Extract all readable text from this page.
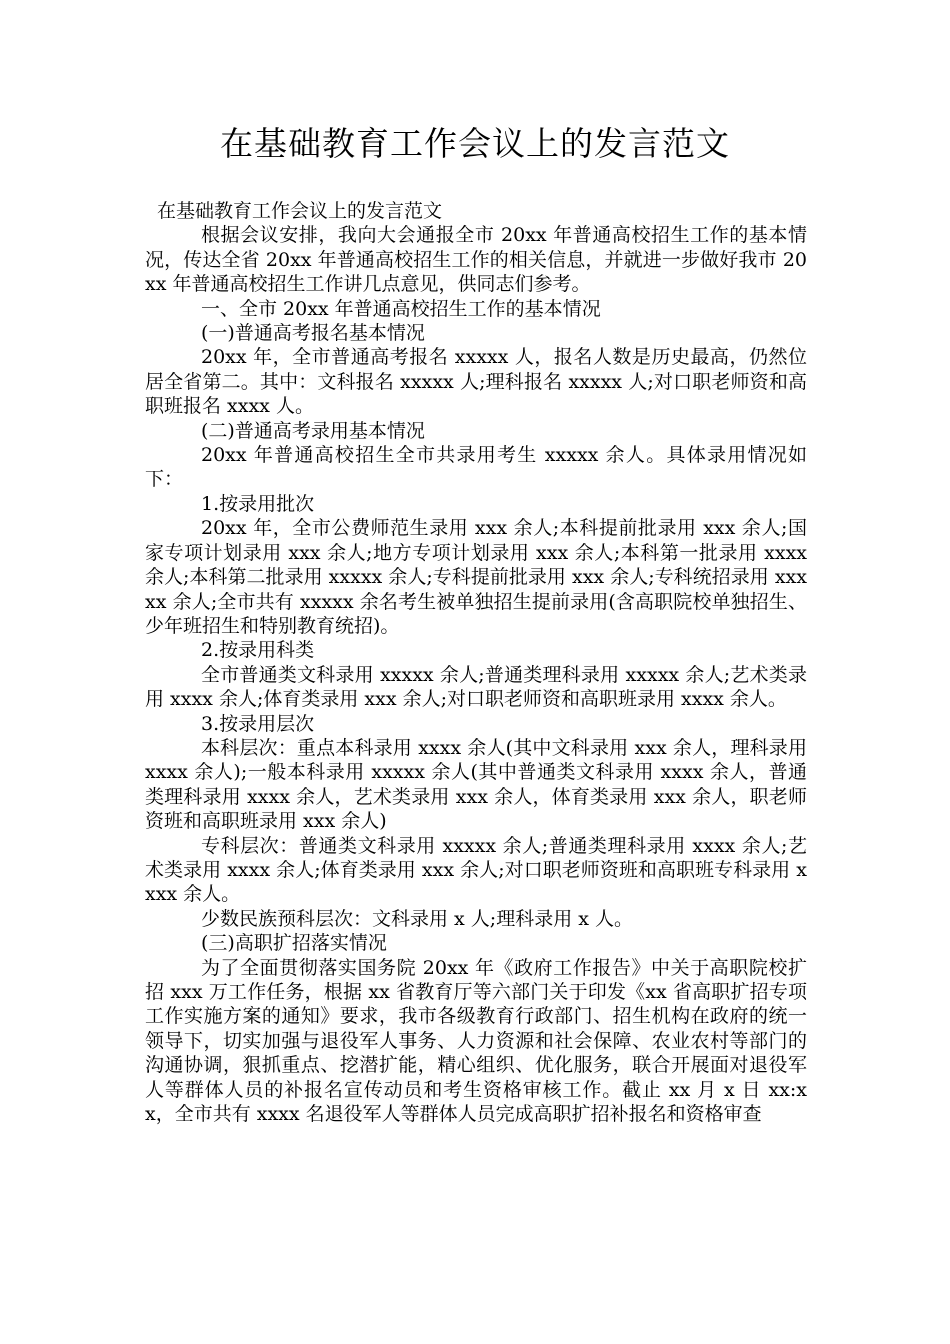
在基础教育工作会议上的发言范文

在基础教育工作会议上的发言范文

根据会议安排，我向大会通报全市 20xx 年普通高校招生工作的基本情况，传达全省 20xx 年普通高校招生工作的相关信息，并就进一步做好我市 20xx 年普通高校招生工作讲几点意见，供同志们参考。

一、全市 20xx 年普通高校招生工作的基本情况

(一)普通高考报名基本情况

20xx 年，全市普通高考报名 xxxxx 人，报名人数是历史最高，仍然位居全省第二。其中：文科报名 xxxxx 人;理科报名 xxxxx 人;对口职老师资和高职班报名 xxxx 人。

(二)普通高考录用基本情况

20xx 年普通高校招生全市共录用考生 xxxxx 余人。具体录用情况如下：

1.按录用批次

20xx 年，全市公费师范生录用 xxx 余人;本科提前批录用 xxx 余人;国家专项计划录用 xxx 余人;地方专项计划录用 xxx 余人;本科第一批录用 xxxx 余人;本科第二批录用 xxxxx 余人;专科提前批录用 xxx 余人;专科统招录用 xxxxx 余人;全市共有 xxxxx 余名考生被单独招生提前录用(含高职院校单独招生、少年班招生和特别教育统招)。

2.按录用科类

全市普通类文科录用 xxxxx 余人;普通类理科录用 xxxxx 余人;艺术类录用 xxxx 余人;体育类录用 xxx 余人;对口职老师资和高职班录用 xxxx 余人。

3.按录用层次

本科层次：重点本科录用 xxxx 余人(其中文科录用 xxx 余人，理科录用 xxxx 余人);一般本科录用 xxxxx 余人(其中普通类文科录用 xxxx 余人，普通类理科录用 xxxx 余人，艺术类录用 xxx 余人，体育类录用 xxx 余人，职老师资班和高职班录用 xxx 余人)

专科层次：普通类文科录用 xxxxx 余人;普通类理科录用 xxxx 余人;艺术类录用 xxxx 余人;体育类录用 xxx 余人;对口职老师资班和高职班专科录用 xxxx 余人。

少数民族预科层次：文科录用 x 人;理科录用 x 人。

(三)高职扩招落实情况

为了全面贯彻落实国务院 20xx 年《政府工作报告》中关于高职院校扩招 xxx 万工作任务，根据 xx 省教育厅等六部门关于印发《xx 省高职扩招专项工作实施方案的通知》要求，我市各级教育行政部门、招生机构在政府的统一领导下，切实加强与退役军人事务、人力资源和社会保障、农业农村等部门的沟通协调，狠抓重点、挖潜扩能，精心组织、优化服务，联合开展面对退役军人等群体人员的补报名宣传动员和考生资格审核工作。截止 xx 月 x 日 xx:xx，全市共有 xxxx 名退役军人等群体人员完成高职扩招补报名和资格审查
